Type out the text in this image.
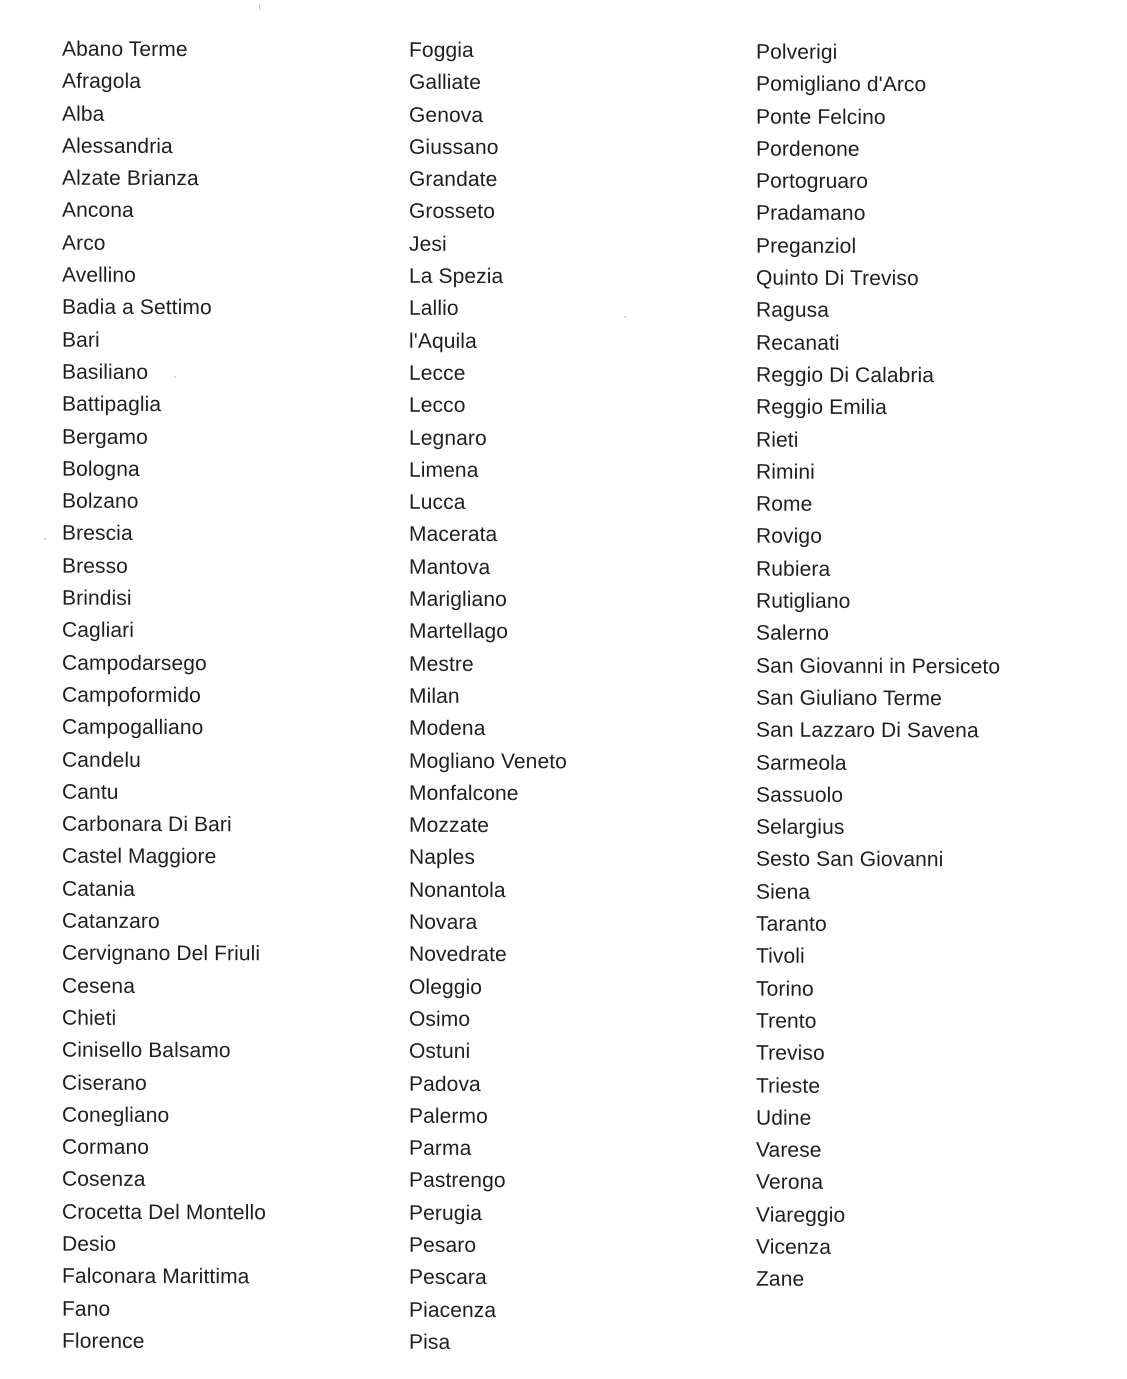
Abano Terme
Afragola
Alba
Alessandria
Alzate Brianza
Ancona
Arco
Avellino
Badia a Settimo
Bari
Basiliano
Battipaglia
Bergamo
Bologna
Bolzano
Brescia
Bresso
Brindisi
Cagliari
Campodarsego
Campoformido
Campogalliano
Candelu
Cantu
Carbonara Di Bari
Castel Maggiore
Catania
Catanzaro
Cervignano Del Friuli
Cesena
Chieti
Cinisello Balsamo
Ciserano
Conegliano
Cormano
Cosenza
Crocetta Del Montello
Desio
Falconara Marittima
Fano
Florence
Foggia
Galliate
Genova
Giussano
Grandate
Grosseto
Jesi
La Spezia
Lallio
l'Aquila
Lecce
Lecco
Legnaro
Limena
Lucca
Macerata
Mantova
Marigliano
Martellago
Mestre
Milan
Modena
Mogliano Veneto
Monfalcone
Mozzate
Naples
Nonantola
Novara
Novedrate
Oleggio
Osimo
Ostuni
Padova
Palermo
Parma
Pastrengo
Perugia
Pesaro
Pescara
Piacenza
Pisa
Polverigi
Pomigliano d'Arco
Ponte Felcino
Pordenone
Portogruaro
Pradamano
Preganziol
Quinto Di Treviso
Ragusa
Recanati
Reggio Di Calabria
Reggio Emilia
Rieti
Rimini
Rome
Rovigo
Rubiera
Rutigliano
Salerno
San Giovanni in Persiceto
San Giuliano Terme
San Lazzaro Di Savena
Sarmeola
Sassuolo
Selargius
Sesto San Giovanni
Siena
Taranto
Tivoli
Torino
Trento
Treviso
Trieste
Udine
Varese
Verona
Viareggio
Vicenza
Zane
